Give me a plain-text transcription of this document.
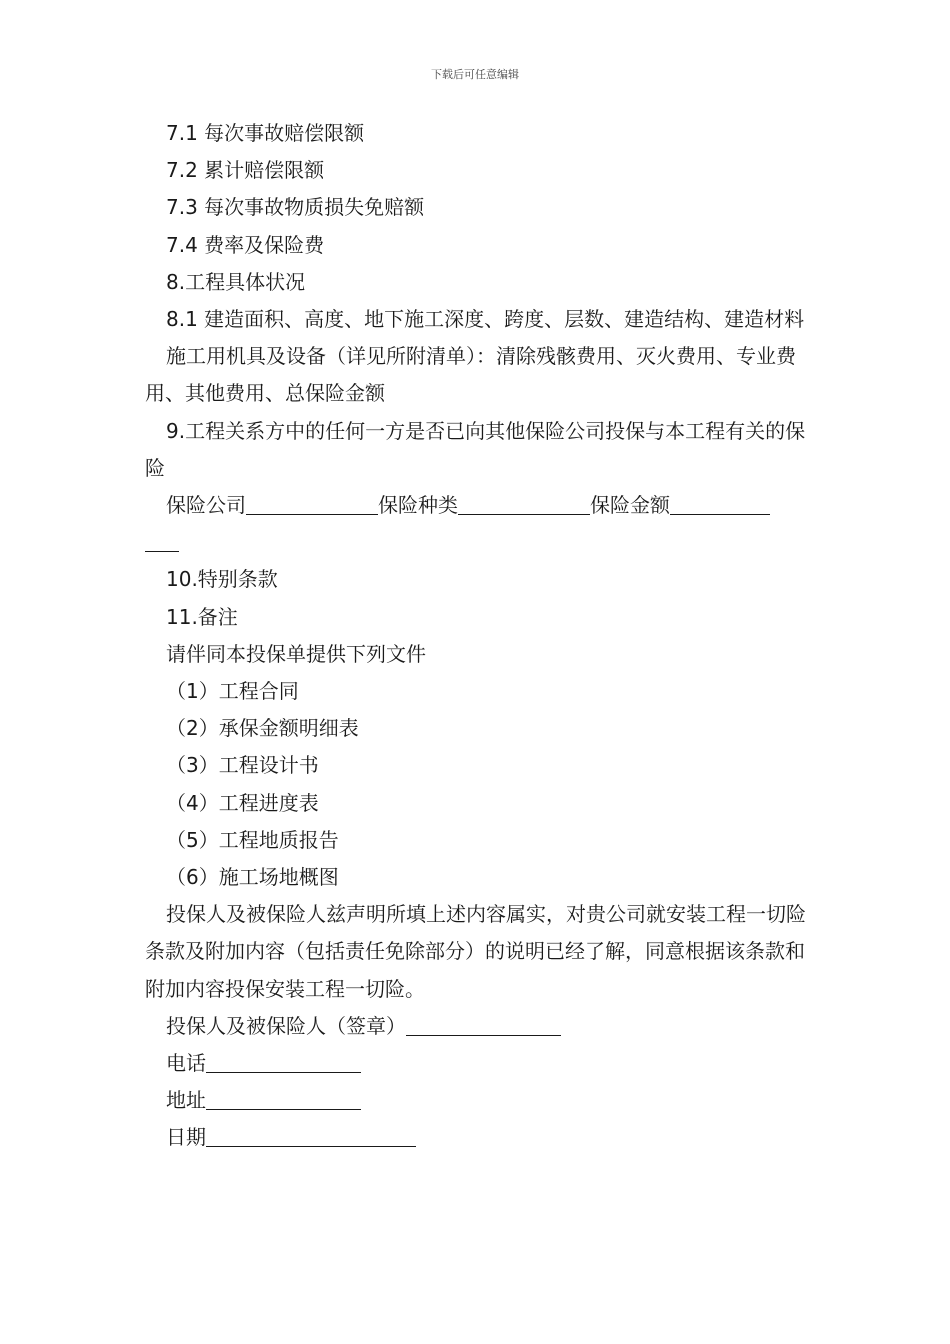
下载后可任意编辑
7.1 每次事故赔偿限额
7.2 累计赔偿限额
7.3 每次事故物质损失免赔额
7.4 费率及保险费
8.工程具体状况
8.1 建造面积、高度、地下施工深度、跨度、层数、建造结构、建造材料
施工用机具及设备（详见所附清单）：清除残骸费用、灭火费用、专业费用、其他费用、总保险金额
9.工程关系方中的任何一方是否已向其他保险公司投保与本工程有关的保险
保险公司	保险种类	保险金额
10.特别条款
11.备注
请伴同本投保单提供下列文件
（1）工程合同
（2）承保金额明细表
（3）工程设计书
（4）工程进度表
（5）工程地质报告
（6）施工场地概图
投保人及被保险人兹声明所填上述内容属实，对贵公司就安装工程一切险条款及附加内容（包括责任免除部分）的说明已经了解，同意根据该条款和附加内容投保安装工程一切险。
投保人及被保险人（签章）
电话
地址
日期
